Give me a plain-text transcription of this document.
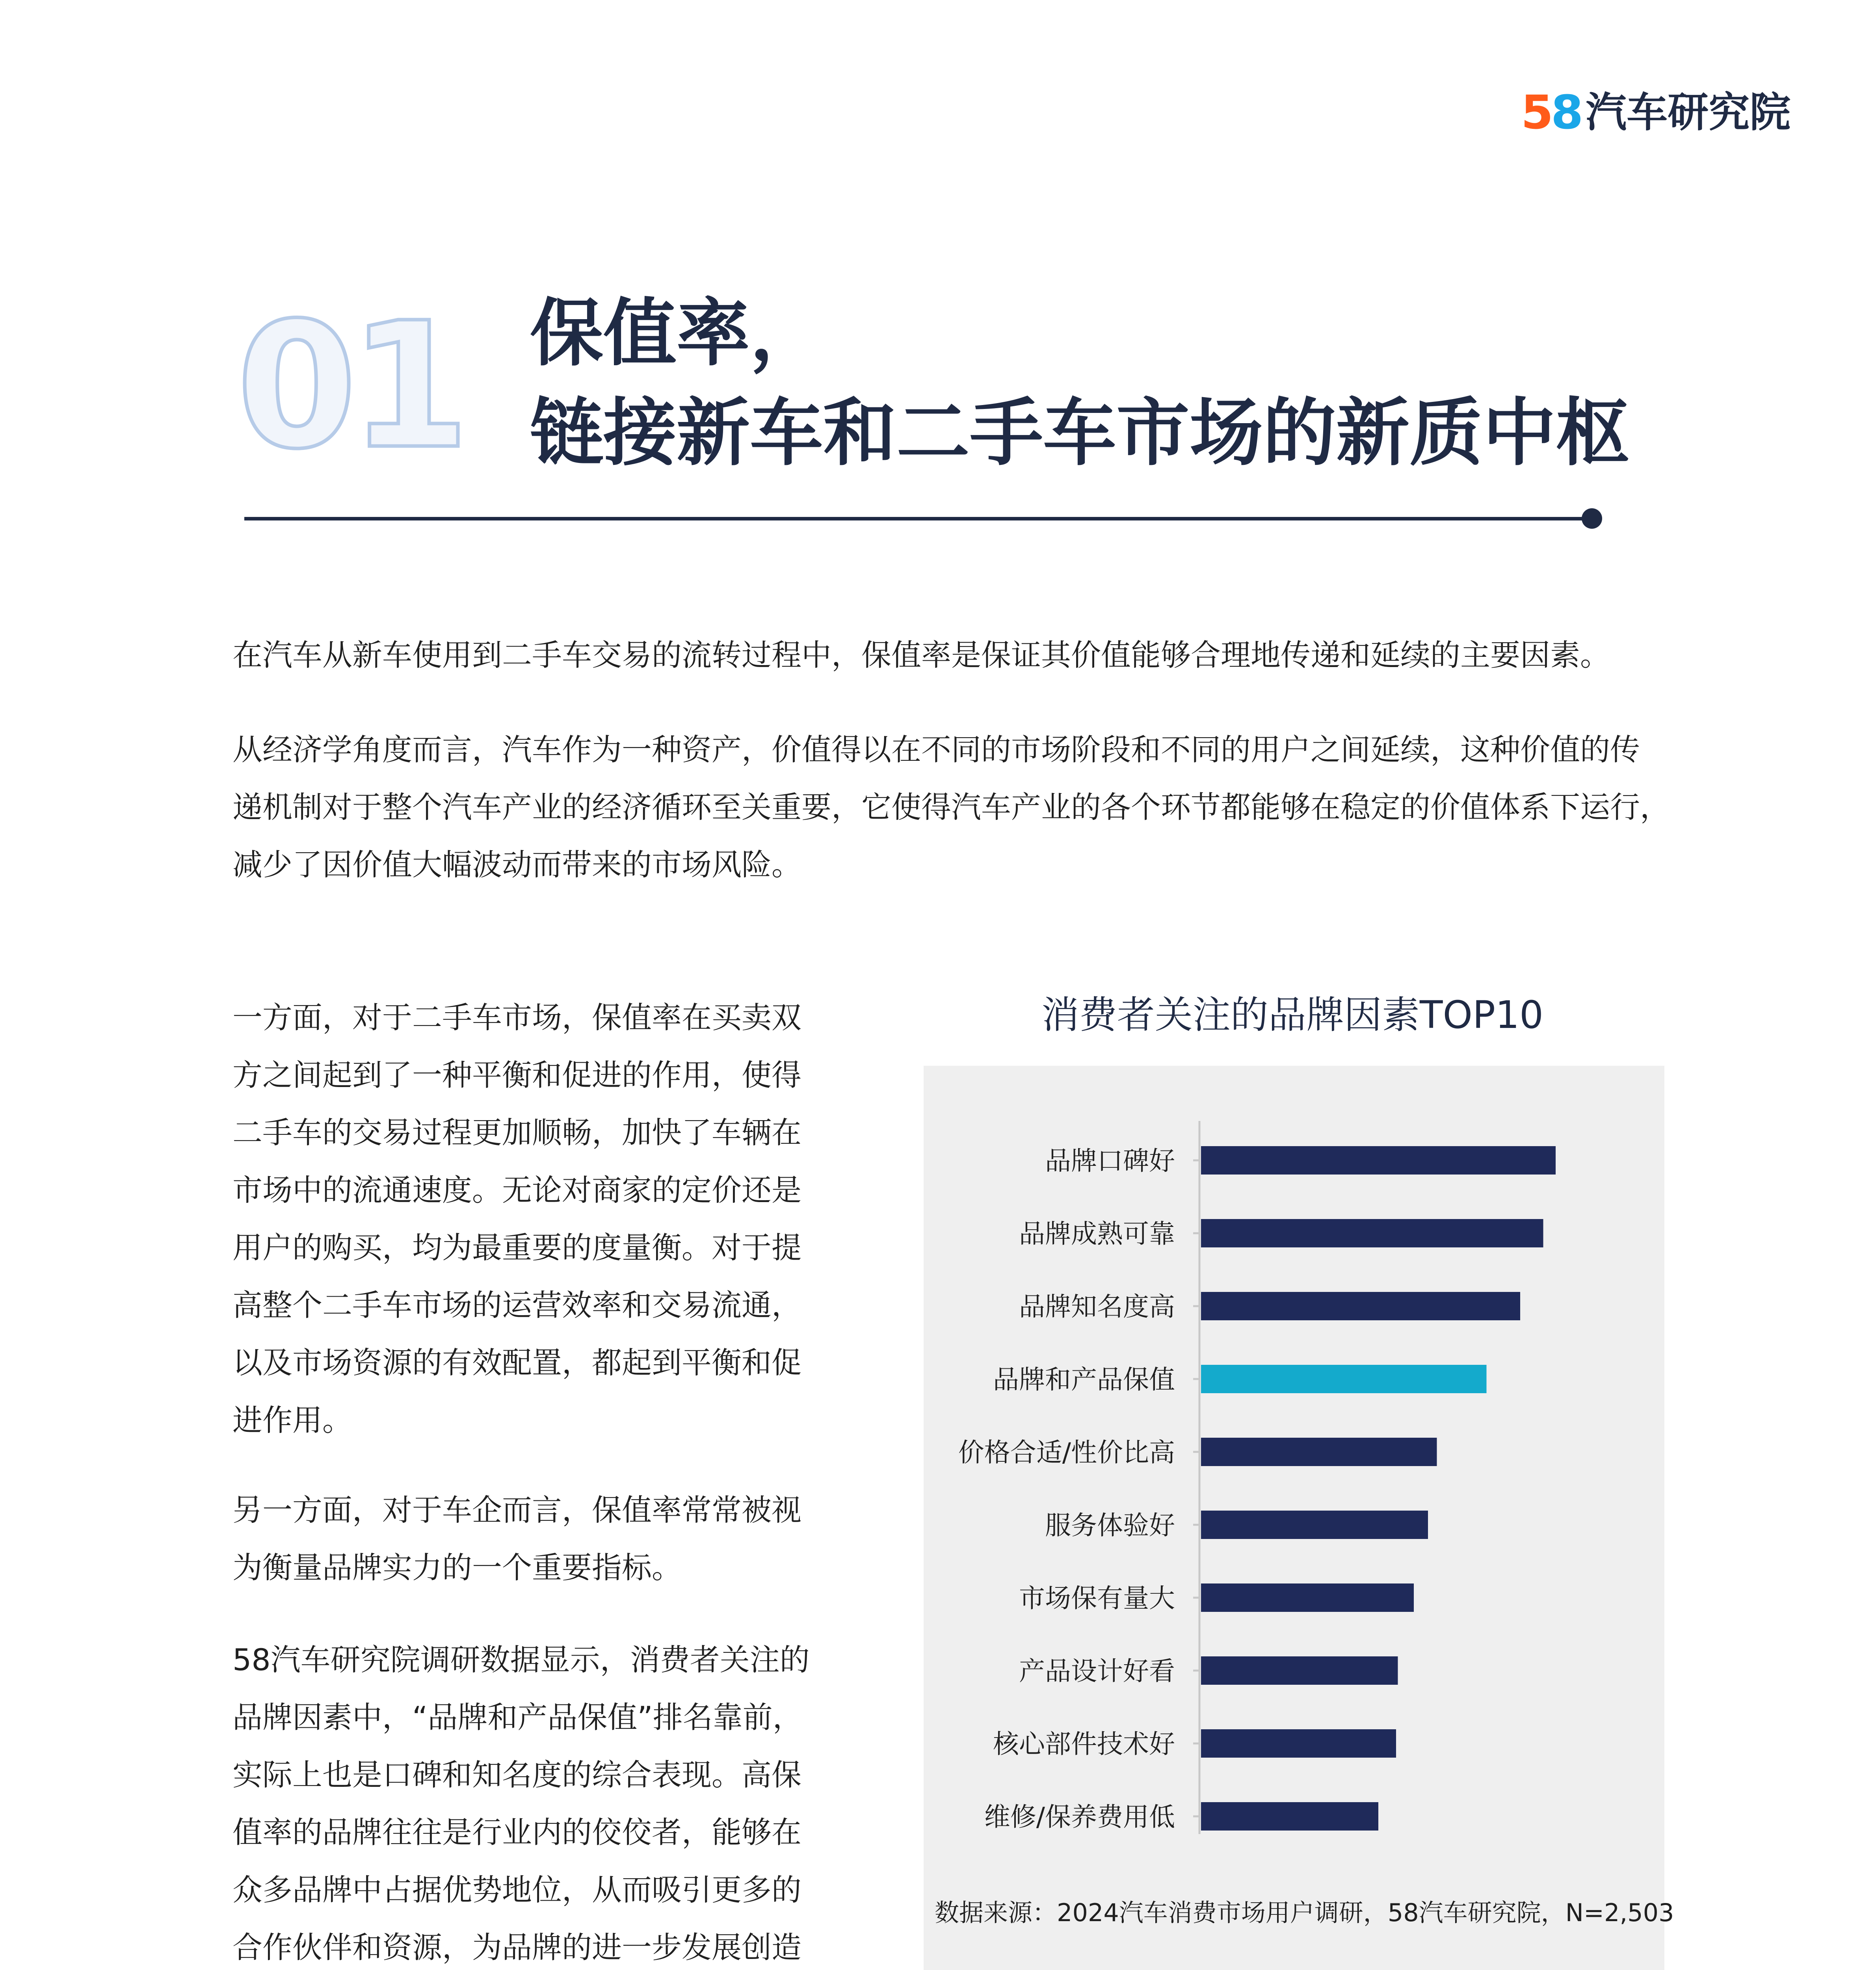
58 汽车研究院
01 保值率，
链接新车和二手车市场的新质中枢

在汽车从新车使用到二手车交易的流转过程中，保值率是保证其价值能够合理地传递和延续的主要因素。

从经济学角度而言，汽车作为一种资产，价值得以在不同的市场阶段和不同的用户之间延续，这种价值的传
递机制对于整个汽车产业的经济循环至关重要，它使得汽车产业的各个环节都能够在稳定的价值体系下运行，
减少了因价值大幅波动而带来的市场风险。

一方面，对于二手车市场，保值率在买卖双
方之间起到了一种平衡和促进的作用，使得
二手车的交易过程更加顺畅，加快了车辆在
市场中的流通速度。无论对商家的定价还是
用户的购买，均为最重要的度量衡。对于提
高整个二手车市场的运营效率和交易流通，
以及市场资源的有效配置，都起到平衡和促
进作用。

另一方面，对于车企而言，保值率常常被视
为衡量品牌实力的一个重要指标。

58汽车研究院调研数据显示，消费者关注的
品牌因素中，“品牌和产品保值”排名靠前，
实际上也是口碑和知名度的综合表现。高保
值率的品牌往往是行业内的佼佼者，能够在
众多品牌中占据优势地位，从而吸引更多的
合作伙伴和资源，为品牌的进一步发展创造

消费者关注的品牌因素TOP10
品牌口碑好
品牌成熟可靠
品牌知名度高
品牌和产品保值
价格合适/性价比高
服务体验好
市场保有量大
产品设计好看
核心部件技术好
维修/保养费用低
数据来源：2024汽车消费市场用户调研，58汽车研究院，N=2,503
